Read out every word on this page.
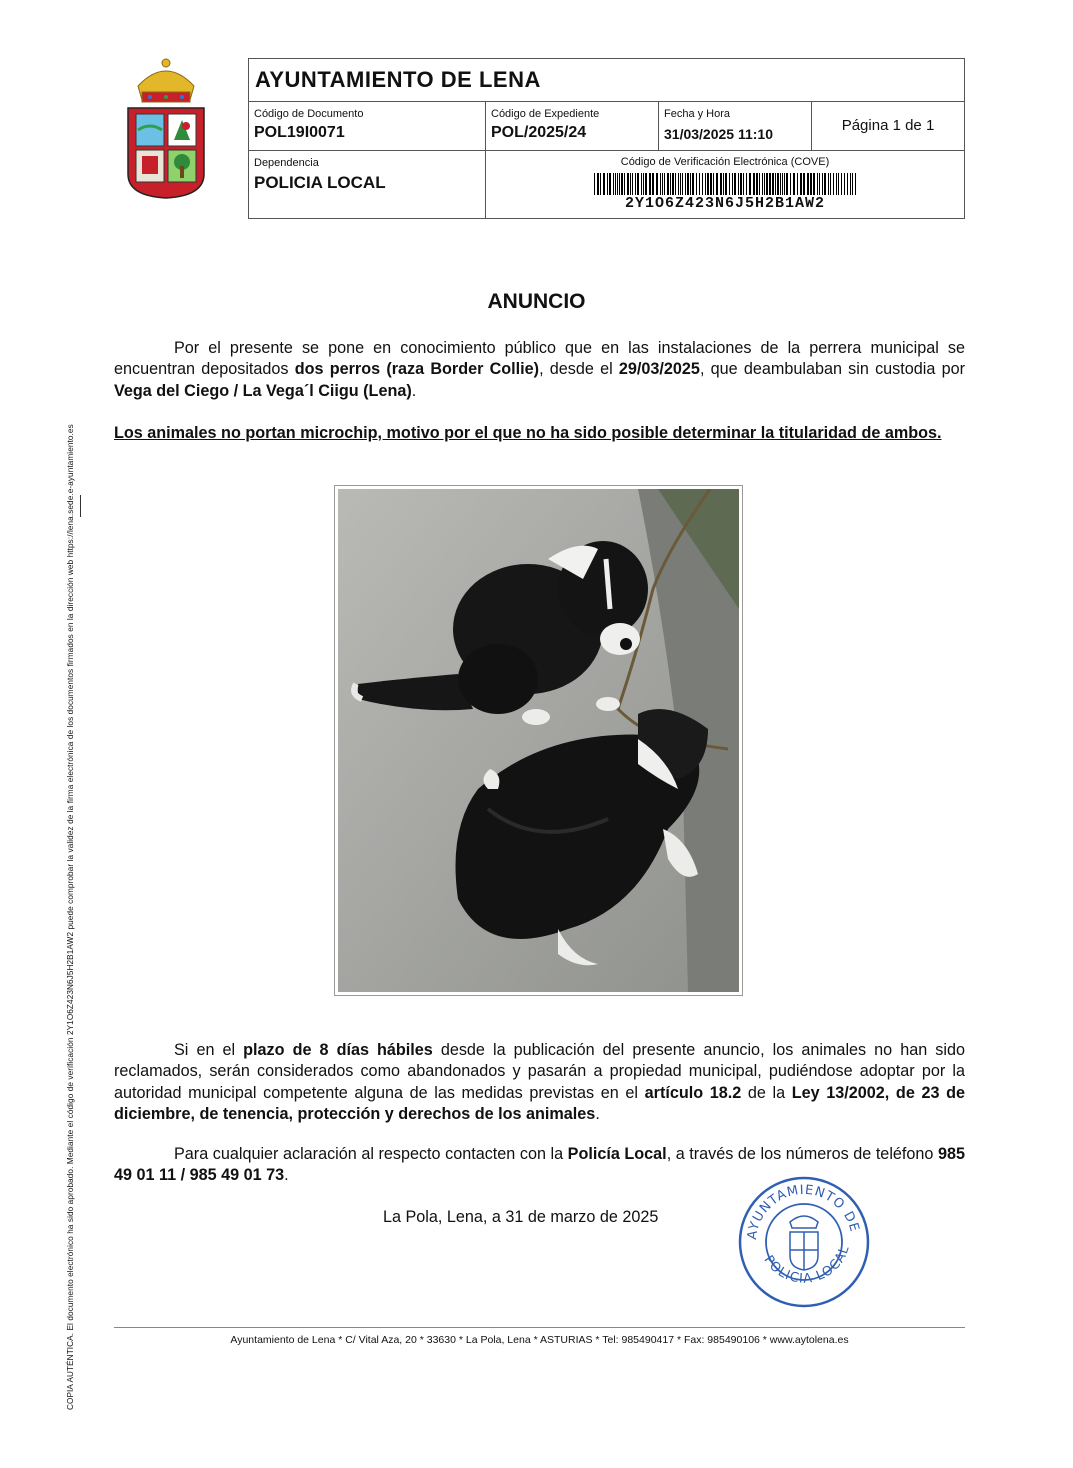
AYUNTAMIENTO DE LENA
Código de Documento
POL19I0071
Código de Expediente
POL/2025/24
Fecha y Hora
31/03/2025 11:10	Página 1 de 1
Dependencia
POLICIA LOCAL
Código de Verificación Electrónica (COVE)
2Y1O6Z423N6J5H2B1AW2
COPIA AUTÉNTICA. El documento electrónico ha sido aprobado. Mediante el código de verificación 2Y1O6Z423N6J5H2B1AW2 puede comprobar la validez de la firma electrónica de los documentos firmados en la dirección web https://lena.sede.e-ayuntamiento.es
ANUNCIO
Por el presente se pone en conocimiento público que en las instalaciones de la perrera municipal se encuentran depositados dos perros (raza Border Collie), desde el 29/03/2025, que deambulaban sin custodia por Vega del Ciego / La Vega´l Ciigu (Lena).
Los animales no portan microchip, motivo por el que no ha sido posible determinar la titularidad de ambos.
Si en el plazo de 8 días hábiles desde la publicación del presente anuncio, los animales no han sido reclamados, serán considerados como abandonados y pasarán a propiedad municipal, pudiéndose adoptar por la autoridad municipal competente alguna de las medidas previstas en el artículo 18.2 de la Ley 13/2002, de 23 de diciembre, de tenencia, protección y derechos de los animales.
Para cualquier aclaración al respecto contacten con la Policía Local, a través de los números de teléfono 985 49 01 11 / 985 49 01 73.
La Pola, Lena, a 31 de marzo de 2025
AYUNTAMIENTO DE
POLICIA LOCAL
Ayuntamiento de Lena * C/ Vital Aza, 20 * 33630 * La Pola, Lena * ASTURIAS * Tel: 985490417 * Fax: 985490106 * www.aytolena.es
